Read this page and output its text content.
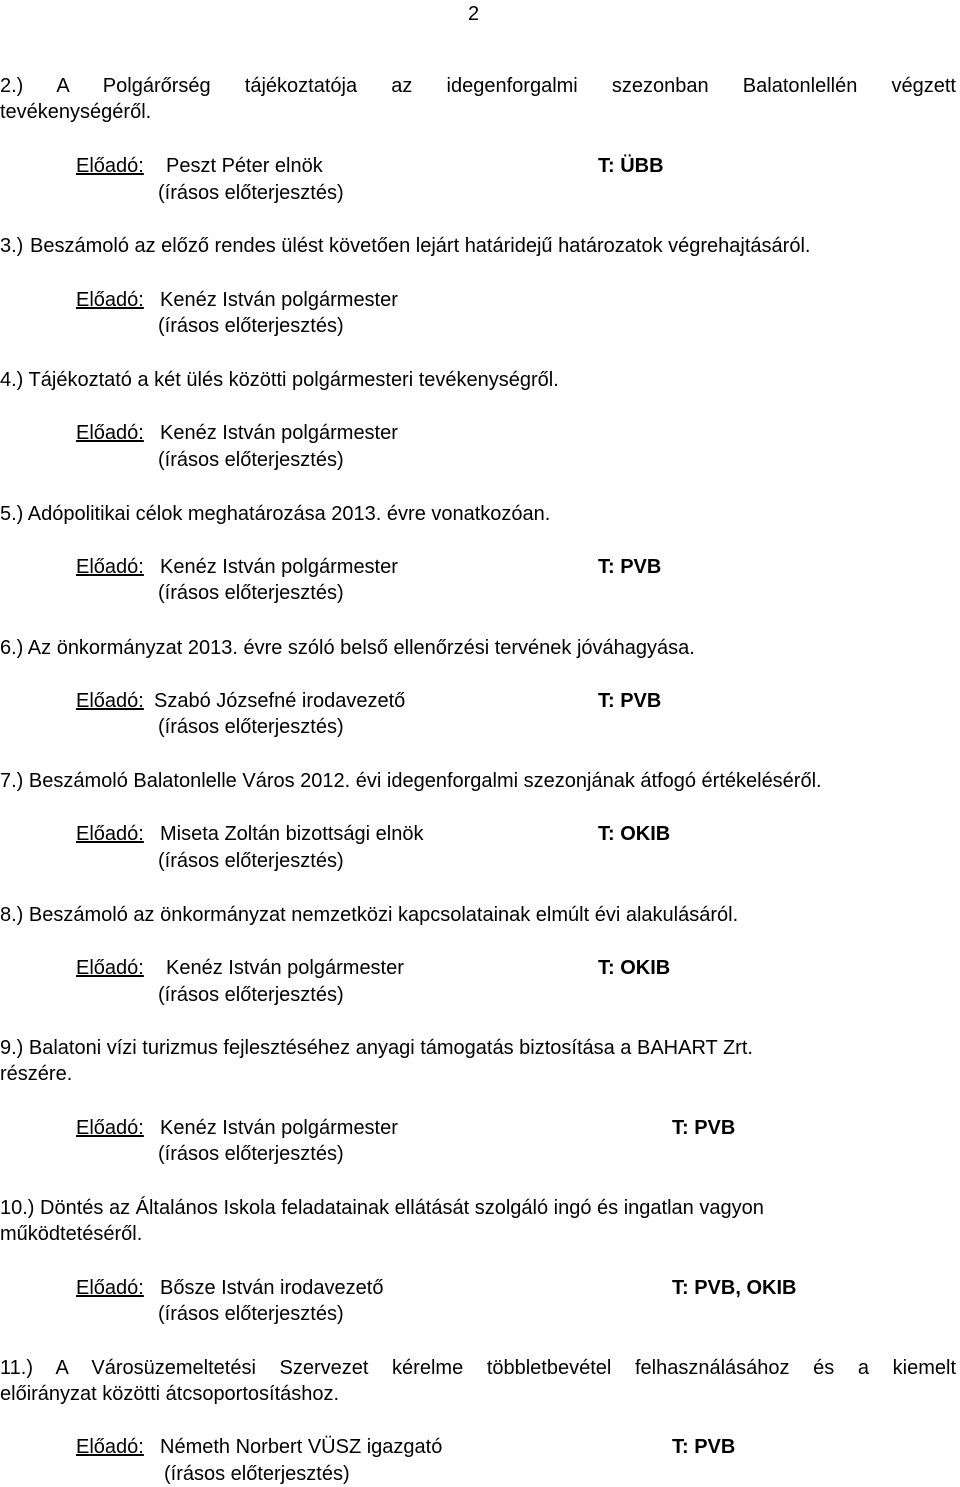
2
2.) A Polgárőrség tájékoztatója az idegenforgalmi szezonban Balatonlellén végzett
tevékenységéről.
Előadó: Peszt Péter elnök
(írásos előterjesztés)
T: ÜBB
3.) Beszámoló az előző rendes ülést követően lejárt határidejű határozatok végrehajtásáról.
Előadó: Kenéz István polgármester
(írásos előterjesztés)
4.) Tájékoztató a két ülés közötti polgármesteri tevékenységről.
Előadó: Kenéz István polgármester
(írásos előterjesztés)
5.) Adópolitikai célok meghatározása 2013. évre vonatkozóan.
Előadó: Kenéz István polgármester
(írásos előterjesztés)
T: PVB
6.) Az önkormányzat 2013. évre szóló belső ellenőrzési tervének jóváhagyása.
Előadó: Szabó Józsefné irodavezető
(írásos előterjesztés)
T: PVB
7.) Beszámoló Balatonlelle Város 2012. évi idegenforgalmi szezonjának átfogó értékeléséről.
Előadó: Miseta Zoltán bizottsági elnök
(írásos előterjesztés)
T: OKIB
8.) Beszámoló az önkormányzat nemzetközi kapcsolatainak elmúlt évi alakulásáról.
Előadó: Kenéz István polgármester
(írásos előterjesztés)
T: OKIB
9.) Balatoni vízi turizmus fejlesztéséhez anyagi támogatás biztosítása a BAHART Zrt.
részére.
Előadó: Kenéz István polgármester
(írásos előterjesztés)
T: PVB
10.) Döntés az Általános Iskola feladatainak ellátását szolgáló ingó és ingatlan vagyon
működtetéséről.
Előadó: Bősze István irodavezető
(írásos előterjesztés)
T: PVB, OKIB
11.) A Városüzemeltetési Szervezet kérelme többletbevétel felhasználásához és a kiemelt
előirányzat közötti átcsoportosításhoz.
Előadó: Németh Norbert VÜSZ igazgató
(írásos előterjesztés)
T: PVB
